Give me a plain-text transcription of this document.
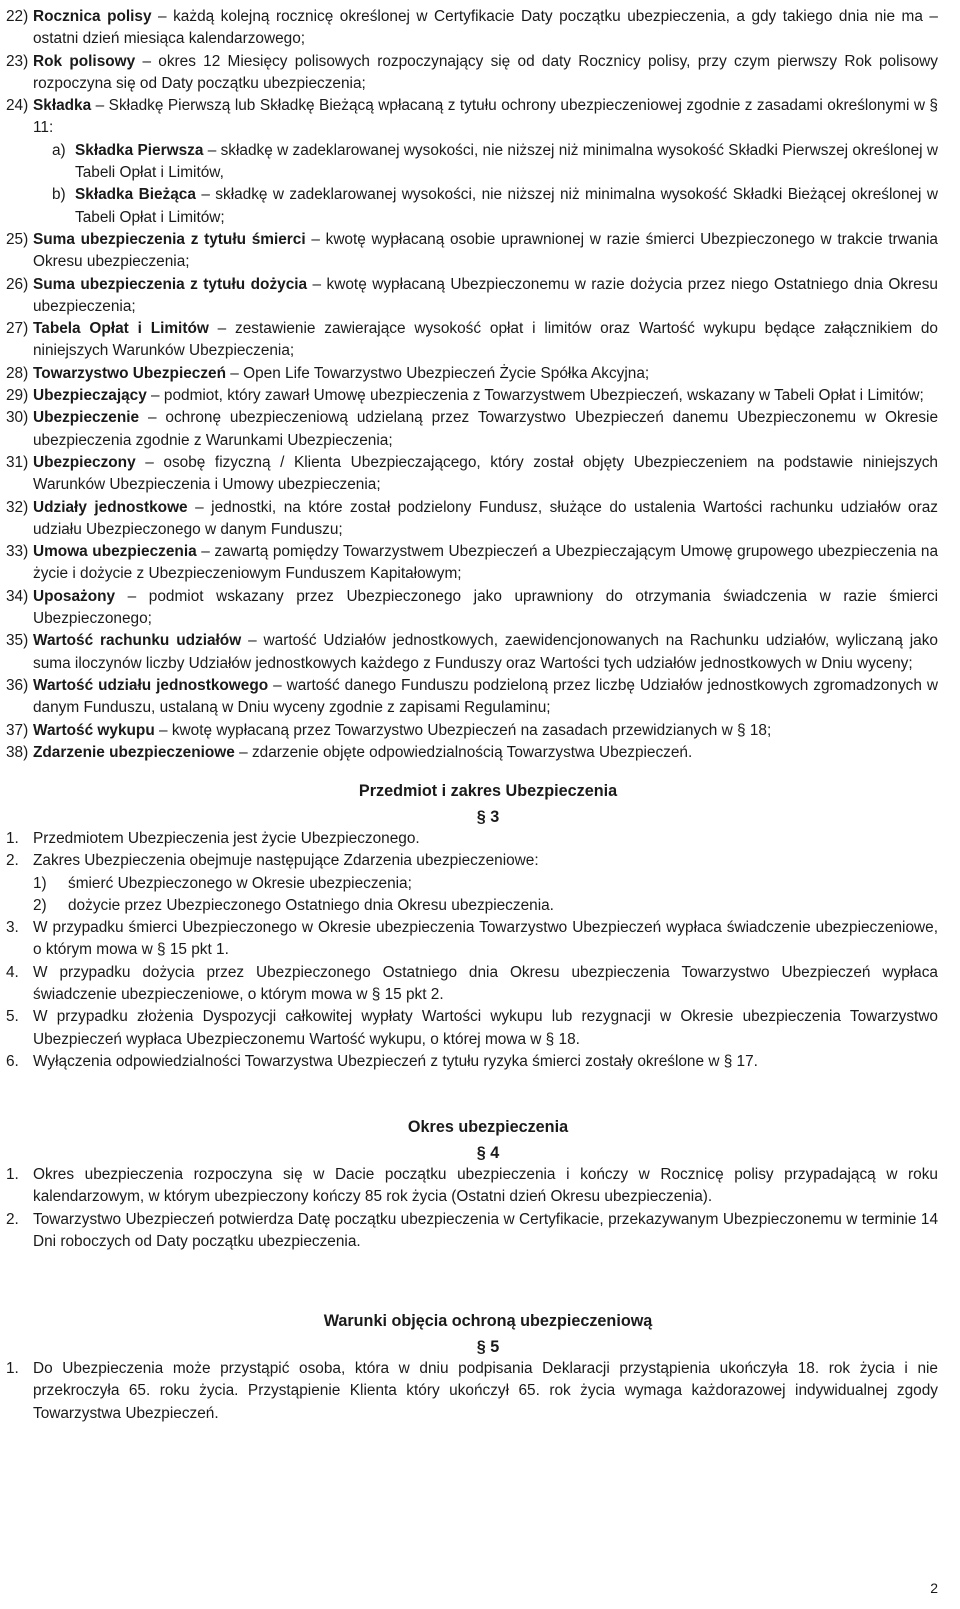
22) Rocznica polisy – każdą kolejną rocznicę określonej w Certyfikacie Daty początku ubezpieczenia, a gdy takiego dnia nie ma – ostatni dzień miesiąca kalendarzowego;
23) Rok polisowy – okres 12 Miesięcy polisowych rozpoczynający się od daty Rocznicy polisy, przy czym pierwszy Rok polisowy rozpoczyna się od Daty początku ubezpieczenia;
24) Składka – Składkę Pierwszą lub Składkę Bieżącą wpłacaną z tytułu ochrony ubezpieczeniowej zgodnie z zasadami określonymi w § 11:
a) Składka Pierwsza – składkę w zadeklarowanej wysokości, nie niższej niż minimalna wysokość Składki Pierwszej określonej w Tabeli Opłat i Limitów,
b) Składka Bieżąca – składkę w zadeklarowanej wysokości, nie niższej niż minimalna wysokość Składki Bieżącej określonej w Tabeli Opłat i Limitów;
25) Suma ubezpieczenia z tytułu śmierci – kwotę wypłacaną osobie uprawnionej w razie śmierci Ubezpieczonego w trakcie trwania Okresu ubezpieczenia;
26) Suma ubezpieczenia z tytułu dożycia – kwotę wypłacaną Ubezpieczonemu w razie dożycia przez niego Ostatniego dnia Okresu ubezpieczenia;
27) Tabela Opłat i Limitów – zestawienie zawierające wysokość opłat i limitów oraz Wartość wykupu będące załącznikiem do niniejszych Warunków Ubezpieczenia;
28) Towarzystwo Ubezpieczeń – Open Life Towarzystwo Ubezpieczeń Życie Spółka Akcyjna;
29) Ubezpieczający – podmiot, który zawarł Umowę ubezpieczenia z Towarzystwem Ubezpieczeń, wskazany w Tabeli Opłat i Limitów;
30) Ubezpieczenie – ochronę ubezpieczeniową udzielaną przez Towarzystwo Ubezpieczeń danemu Ubezpieczonemu w Okresie ubezpieczenia zgodnie z Warunkami Ubezpieczenia;
31) Ubezpieczony – osobę fizyczną / Klienta Ubezpieczającego, który został objęty Ubezpieczeniem na podstawie niniejszych Warunków Ubezpieczenia i Umowy ubezpieczenia;
32) Udziały jednostkowe – jednostki, na które został podzielony Fundusz, służące do ustalenia Wartości rachunku udziałów oraz udziału Ubezpieczonego w danym Funduszu;
33) Umowa ubezpieczenia – zawartą pomiędzy Towarzystwem Ubezpieczeń a Ubezpieczającym Umowę grupowego ubezpieczenia na życie i dożycie z Ubezpieczeniowym Funduszem Kapitałowym;
34) Uposażony – podmiot wskazany przez Ubezpieczonego jako uprawniony do otrzymania świadczenia w razie śmierci Ubezpieczonego;
35) Wartość rachunku udziałów – wartość Udziałów jednostkowych, zaewidencjonowanych na Rachunku udziałów, wyliczaną jako suma iloczynów liczby Udziałów jednostkowych każdego z Funduszy oraz Wartości tych udziałów jednostkowych w Dniu wyceny;
36) Wartość udziału jednostkowego – wartość danego Funduszu podzieloną przez liczbę Udziałów jednostkowych zgromadzonych w danym Funduszu, ustalaną w Dniu wyceny zgodnie z zapisami Regulaminu;
37) Wartość wykupu – kwotę wypłacaną przez Towarzystwo Ubezpieczeń na zasadach przewidzianych w § 18;
38) Zdarzenie ubezpieczeniowe – zdarzenie objęte odpowiedzialnością Towarzystwa Ubezpieczeń.
Przedmiot i zakres Ubezpieczenia
§ 3
1. Przedmiotem Ubezpieczenia jest życie Ubezpieczonego.
2. Zakres Ubezpieczenia obejmuje następujące Zdarzenia ubezpieczeniowe:
1) śmierć Ubezpieczonego w Okresie ubezpieczenia;
2) dożycie przez Ubezpieczonego Ostatniego dnia Okresu ubezpieczenia.
3. W przypadku śmierci Ubezpieczonego w Okresie ubezpieczenia Towarzystwo Ubezpieczeń wypłaca świadczenie ubezpieczeniowe, o którym mowa w § 15 pkt 1.
4. W przypadku dożycia przez Ubezpieczonego Ostatniego dnia Okresu ubezpieczenia Towarzystwo Ubezpieczeń wypłaca świadczenie ubezpieczeniowe, o którym mowa w § 15 pkt 2.
5. W przypadku złożenia Dyspozycji całkowitej wypłaty Wartości wykupu lub rezygnacji w Okresie ubezpieczenia Towarzystwo Ubezpieczeń wypłaca Ubezpieczonemu Wartość wykupu, o której mowa w § 18.
6. Wyłączenia odpowiedzialności Towarzystwa Ubezpieczeń z tytułu ryzyka śmierci zostały określone w § 17.
Okres ubezpieczenia
§ 4
1. Okres ubezpieczenia rozpoczyna się w Dacie początku ubezpieczenia i kończy w Rocznicę polisy przypadającą w roku kalendarzowym, w którym ubezpieczony kończy 85 rok życia (Ostatni dzień Okresu ubezpieczenia).
2. Towarzystwo Ubezpieczeń potwierdza Datę początku ubezpieczenia w Certyfikacie, przekazywanym Ubezpieczonemu w terminie 14 Dni roboczych od Daty początku ubezpieczenia.
Warunki objęcia ochroną ubezpieczeniową
§ 5
1. Do Ubezpieczenia może przystąpić osoba, która w dniu podpisania Deklaracji przystąpienia ukończyła 18. rok życia i nie przekroczyła 65. roku życia. Przystąpienie Klienta który ukończył 65. rok życia wymaga każdorazowej indywidualnej zgody Towarzystwa Ubezpieczeń.
2
